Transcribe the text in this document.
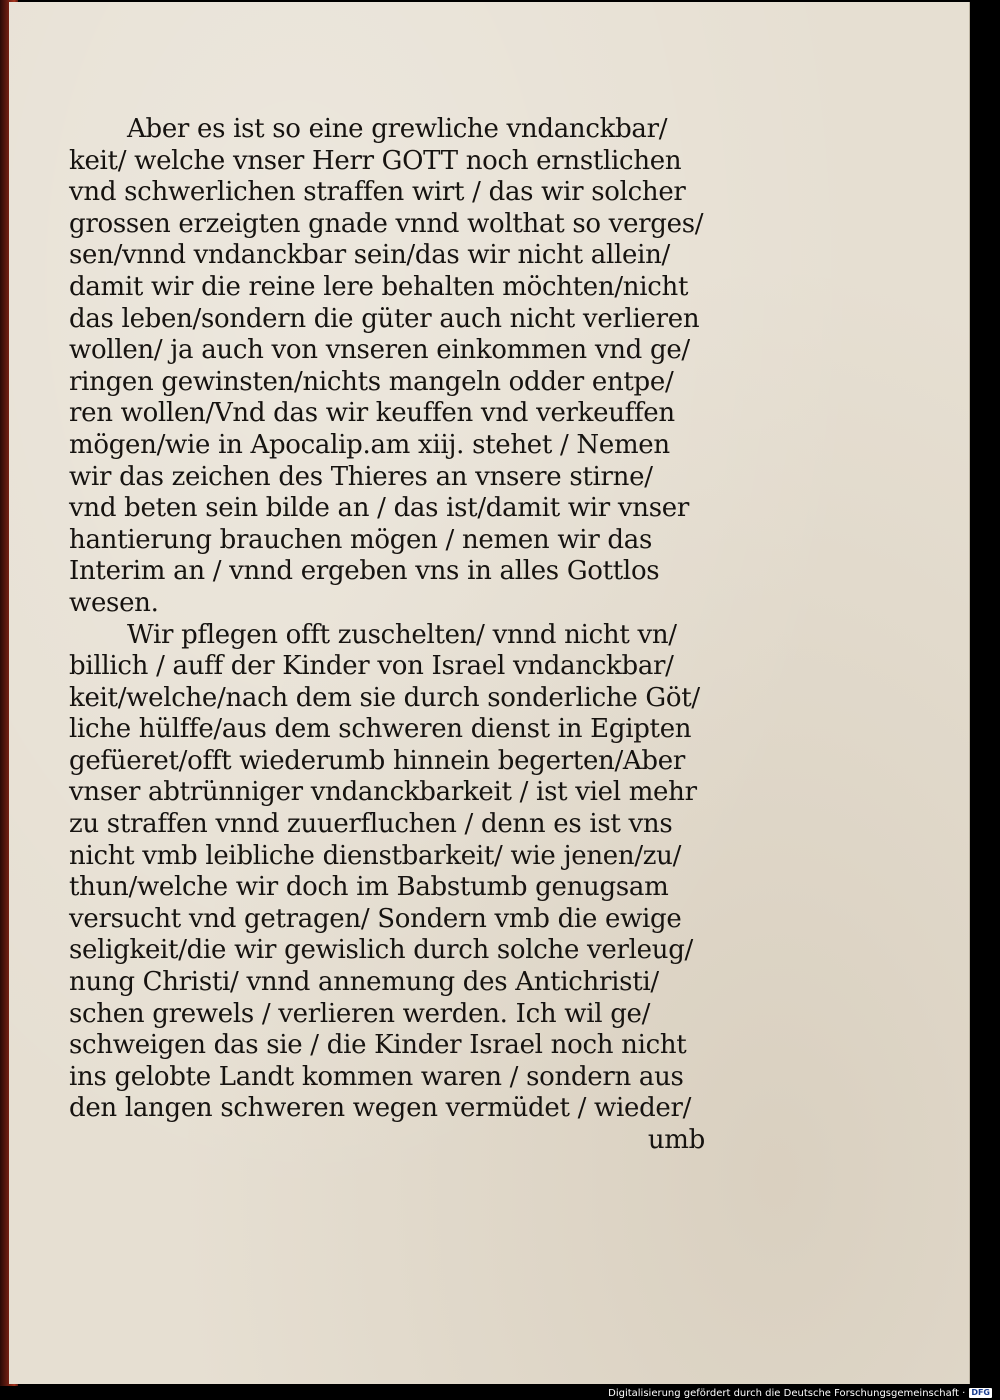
Aber es ist so eine grewliche vndanckbar/
keit/ welche vnser Herr GOTT noch ernstlichen
vnd schwerlichen straffen wirt / das wir solcher
grossen erzeigten gnade vnnd wolthat so verges/
sen/vnnd vndanckbar sein/das wir nicht allein/
damit wir die reine lere behalten möchten/nicht
das leben/sondern die güter auch nicht verlieren
wollen/ ja auch von vnseren einkommen vnd ge/
ringen gewinsten/nichts mangeln odder entpe/
ren wollen/Vnd das wir keuffen vnd verkeuffen
mögen/wie in Apocalip.am xiij. stehet / Nemen
wir das zeichen des Thieres an vnsere stirne/
vnd beten sein bilde an / das ist/damit wir vnser
hantierung brauchen mögen / nemen wir das
Interim an / vnnd ergeben vns in alles Gottlos
wesen.
Wir pflegen offt zuschelten/ vnnd nicht vn/
billich / auff der Kinder von Israel vndanckbar/
keit/welche/nach dem sie durch sonderliche Göt/
liche hülffe/aus dem schweren dienst in Egipten
gefüeret/offt wiederumb hinnein begerten/Aber
vnser abtrünniger vndanckbarkeit / ist viel mehr
zu straffen vnnd zuuerfluchen / denn es ist vns
nicht vmb leibliche dienstbarkeit/ wie jenen/zu/
thun/welche wir doch im Babstumb genugsam
versucht vnd getragen/ Sondern vmb die ewige
seligkeit/die wir gewislich durch solche verleug/
nung Christi/ vnnd annemung des Antichristi/
schen grewels / verlieren werden. Ich wil ge/
schweigen das sie / die Kinder Israel noch nicht
ins gelobte Landt kommen waren / sondern aus
den langen schweren wegen vermüdet / wieder/
umb
Digitalisierung gefördert durch die Deutsche Forschungsgemeinschaft · DFG
